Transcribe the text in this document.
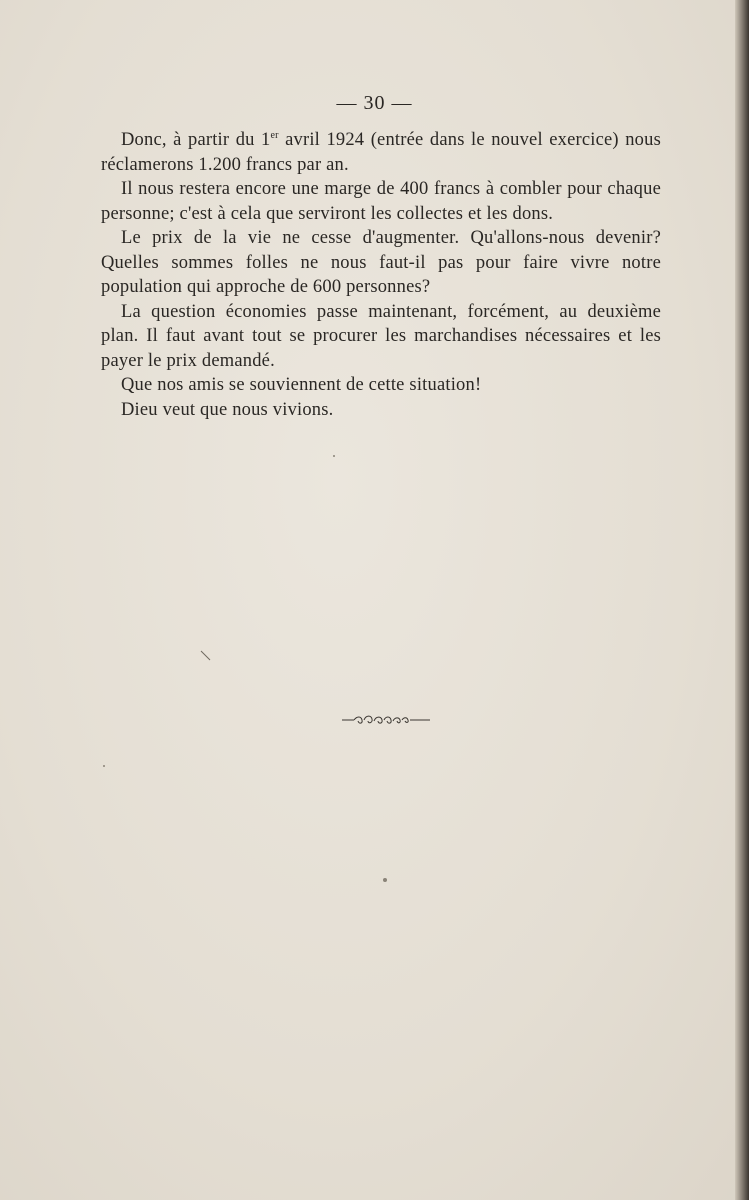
— 30 —

Donc, à partir du 1er avril 1924 (entrée dans le nouvel exercice) nous réclamerons 1.200 francs par an.

Il nous restera encore une marge de 400 francs à combler pour chaque personne; c'est à cela que serviront les collectes et les dons.

Le prix de la vie ne cesse d'augmenter. Qu'allons-nous devenir? Quelles sommes folles ne nous faut-il pas pour faire vivre notre population qui approche de 600 personnes?

La question économies passe maintenant, forcément, au deuxième plan. Il faut avant tout se procurer les marchandises nécessaires et les payer le prix demandé.

Que nos amis se souviennent de cette situation!

Dieu veut que nous vivions.
